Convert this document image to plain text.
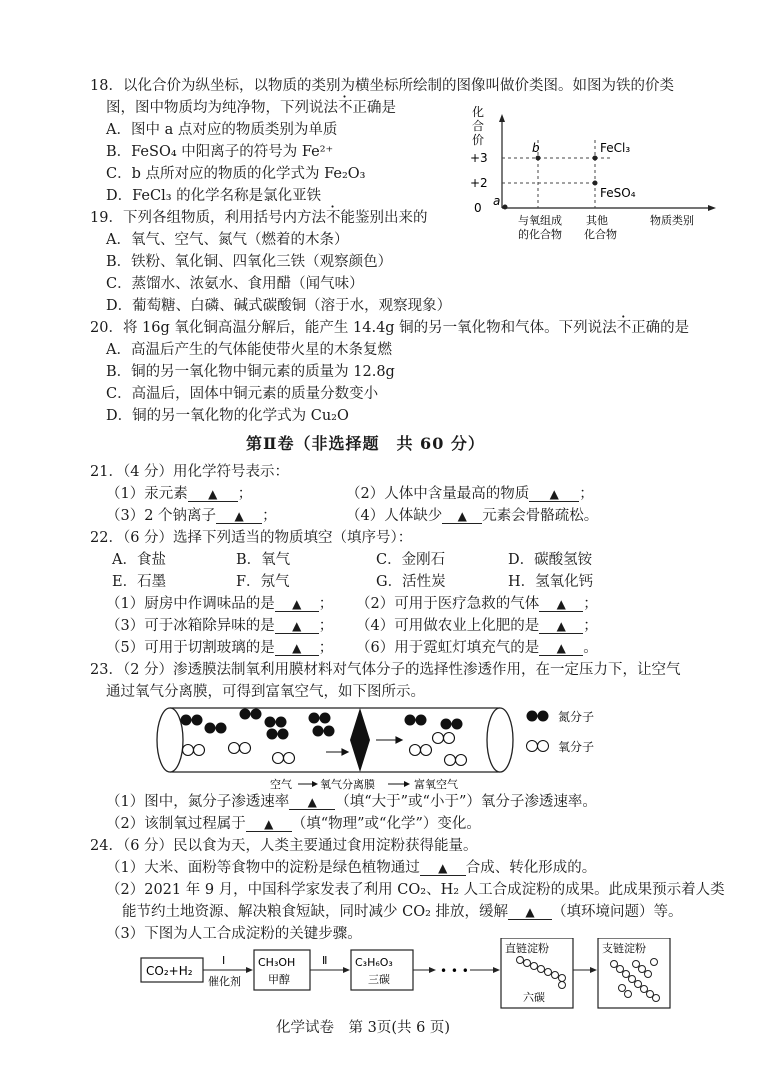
18．以化合价为纵坐标，以物质的类别为横坐标所绘制的图像叫做价类图。如图为铁的价类
图，图中物质均为纯净物，下列说法不正确是
A．图中 a 点对应的物质类别为单质
B．FeSO₄ 中阳离子的符号为 Fe²⁺
C．b 点所对应的物质的化学式为 Fe₂O₃
D．FeCl₃ 的化学名称是氯化亚铁
化
合
价
+3
+2
0 a
b	FeCl₃
FeSO₄
与氧组成
的化合物
其他
化合物
物质类别
19．下列各组物质，利用括号内方法不能鉴别出来的
A．氧气、空气、氮气（燃着的木条）
B．铁粉、氧化铜、四氧化三铁（观察颜色）
C．蒸馏水、浓氨水、食用醋（闻气味）
D．葡萄糖、白磷、碱式碳酸铜（溶于水，观察现象）
20．将 16g 氧化铜高温分解后，能产生 14.4g 铜的另一氧化物和气体。下列说法不正确的是
A．高温后产生的气体能使带火星的木条复燃
B．铜的另一氧化物中铜元素的质量为 12.8g
C．高温后，固体中铜元素的质量分数变小
D．铜的另一氧化物的化学式为 Cu₂O
第Ⅱ卷（非选择题　共 60 分）
21．（4 分）用化学符号表示：
（1）汞元素 ▲ ；	（2）人体中含量最高的物质 ▲ ；
（3）2 个钠离子 ▲ ；	（4）人体缺少 ▲ 元素会骨骼疏松。
22．（6 分）选择下列适当的物质填空（填序号）：
A．食盐	B．氧气	C．金刚石	D．碳酸氢铵
E．石墨	F．氖气	G．活性炭	H．氢氧化钙
（1）厨房中作调味品的是 ▲ ； （2）可用于医疗急救的气体 ▲ ；
（3）可于冰箱除异味的是 ▲ ； （4）可用做农业上化肥的是 ▲ ；
（5）可用于切割玻璃的是 ▲ ； （6）用于霓虹灯填充气的是 ▲ 。
23．（2 分）渗透膜法制氧利用膜材料对气体分子的选择性渗透作用，在一定压力下，让空气
通过氧气分离膜，可得到富氧空气，如下图所示。
氮分子
氧分子
空气	氧气分离膜	富氧空气
（1）图中，氮分子渗透速率 ▲ （填“大于”或“小于”）氧分子渗透速率。
（2）该制氧过程属于 ▲ （填“物理”或“化学”）变化。
24．（6 分）民以食为天，人类主要通过食用淀粉获得能量。
（1）大米、面粉等食物中的淀粉是绿色植物通过 ▲ 合成、转化形成的。
（2）2021 年 9 月，中国科学家发表了利用 CO₂、H₂ 人工合成淀粉的成果。此成果预示着人类
能节约土地资源、解决粮食短缺，同时减少 CO₂ 排放，缓解 ▲ （填环境问题）等。
（3）下图为人工合成淀粉的关键步骤。
CO₂+H₂
Ⅰ
催化剂
CH₃OH
甲醇
Ⅱ	C₃H₆O₃
三碳
• • •
直链淀粉
六碳
支链淀粉
化学试卷　第 3页(共 6 页)
